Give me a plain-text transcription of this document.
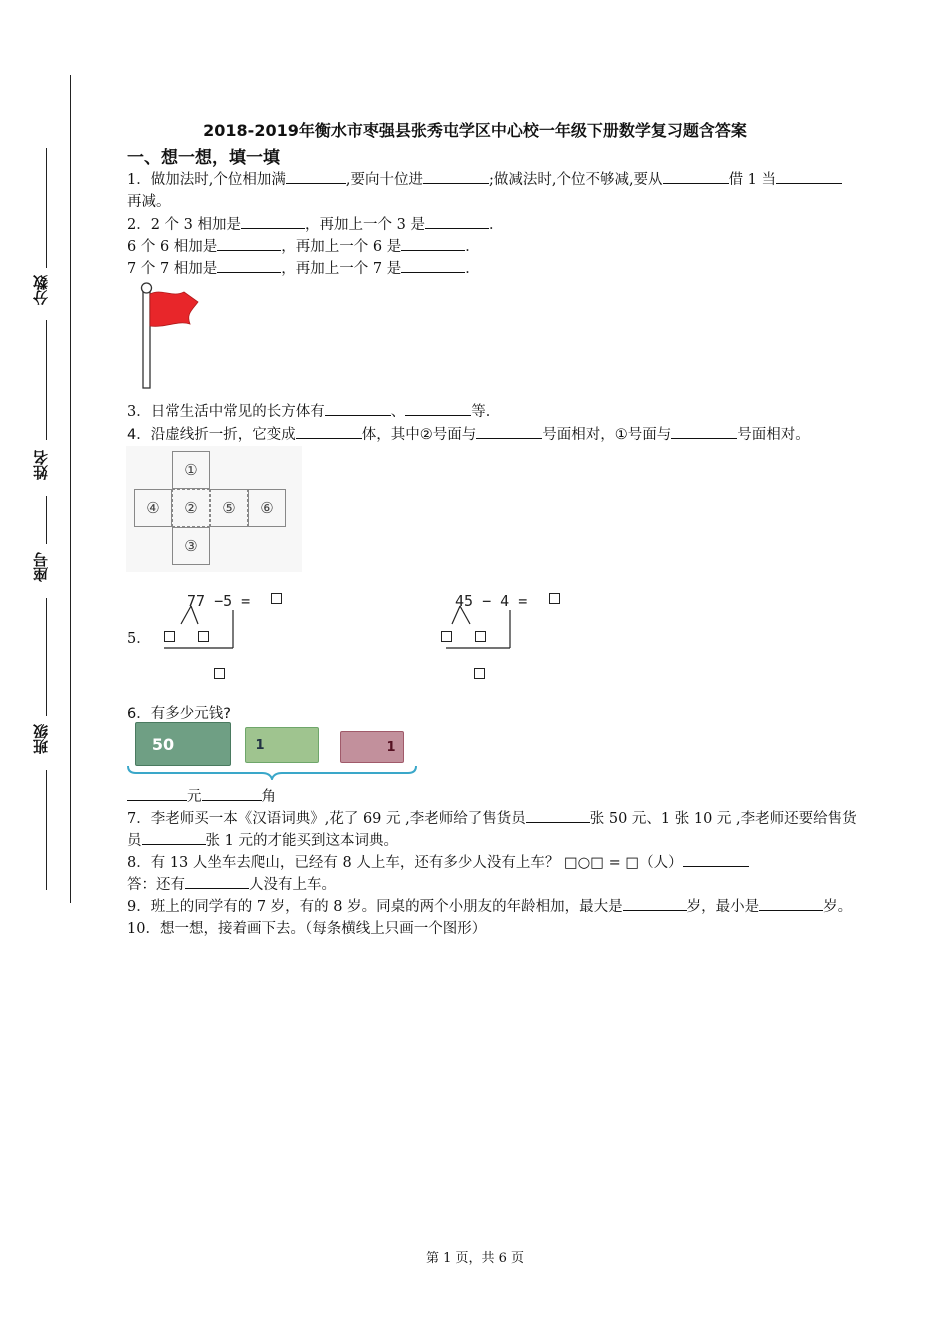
分数
姓名
座号
班级
2018-2019年衡水市枣强县张秀屯学区中心校一年级下册数学复习题含答案
一、想一想，填一填
1．做加法时,个位相加满	,要向十位进	;做减法时,个位不够减,要从	借 1 当
再减。
2．2 个 3 相加是	，再加上一个 3 是	．
6 个 6 相加是	，再加上一个 6 是	．
7 个 7 相加是	，再加上一个 7 是	．
3．日常生活中常见的长方体有	、	等．
4．沿虚线折一折，它变成	体，其中②号面与	号面相对，①号面与	号面相对。
①
④	②	⑤	⑥
③
5．
77 −5 =	45 − 4 =
6．有多少元钱?
50	1	1
元	角
7．李老师买一本《汉语词典》,花了 69 元 ,李老师给了售货员	张 50 元、1 张 10 元 ,李老师还要给售货
员	张 1 元的才能买到这本词典。
8．有 13 人坐车去爬山，已经有 8 人上车，还有多少人没有上车？ □○□ = □（人）
答：还有	人没有上车。
9．班上的同学有的 7 岁，有的 8 岁。同桌的两个小朋友的年龄相加，最大是	岁，最小是	岁。
10．想一想，接着画下去。（每条横线上只画一个图形）
第 1 页，共 6 页
